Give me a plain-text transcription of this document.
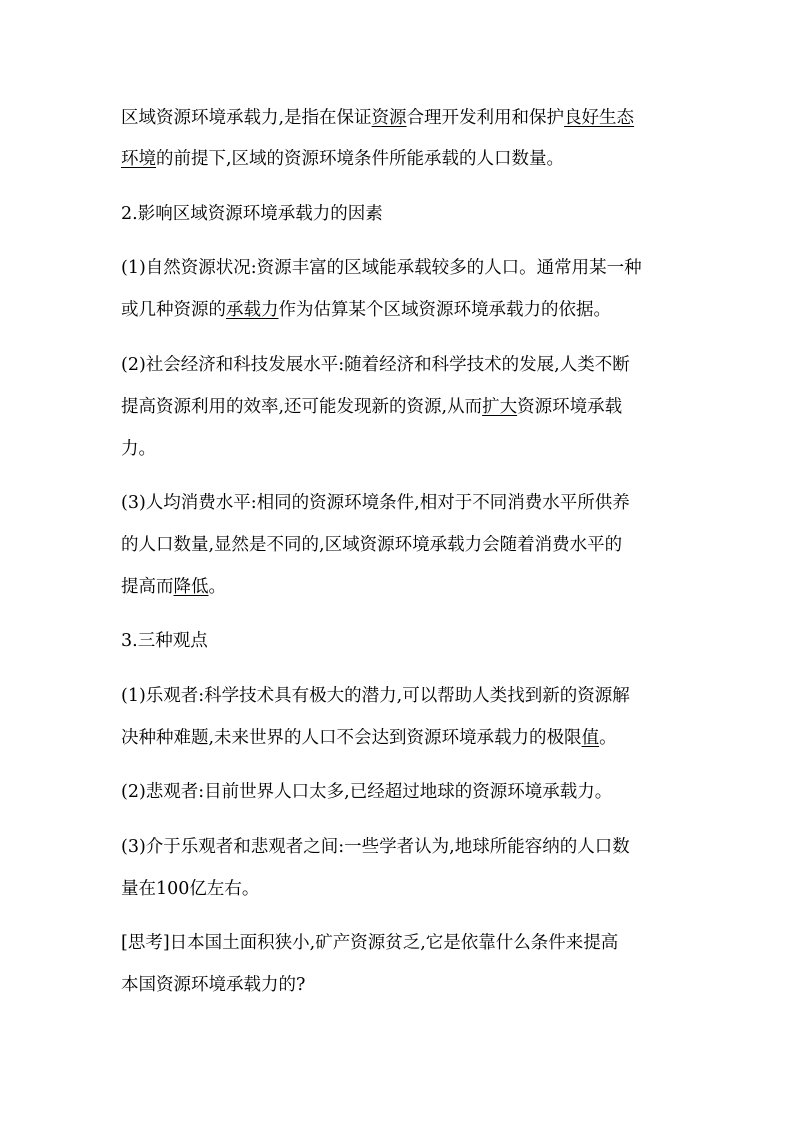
区域资源环境承载力,是指在保证资源合理开发利用和保护良好生态
环境的前提下,区域的资源环境条件所能承载的人口数量。
2.影响区域资源环境承载力的因素
(1)自然资源状况:资源丰富的区域能承载较多的人口。通常用某一种
或几种资源的承载力作为估算某个区域资源环境承载力的依据。
(2)社会经济和科技发展水平:随着经济和科学技术的发展,人类不断
提高资源利用的效率,还可能发现新的资源,从而扩大资源环境承载
力。
(3)人均消费水平:相同的资源环境条件,相对于不同消费水平所供养
的人口数量,显然是不同的,区域资源环境承载力会随着消费水平的
提高而降低。
3.三种观点
(1)乐观者:科学技术具有极大的潜力,可以帮助人类找到新的资源解
决种种难题,未来世界的人口不会达到资源环境承载力的极限值。
(2)悲观者:目前世界人口太多,已经超过地球的资源环境承载力。
(3)介于乐观者和悲观者之间:一些学者认为,地球所能容纳的人口数
量在100亿左右。
[思考]日本国土面积狭小,矿产资源贫乏,它是依靠什么条件来提高
本国资源环境承载力的?
